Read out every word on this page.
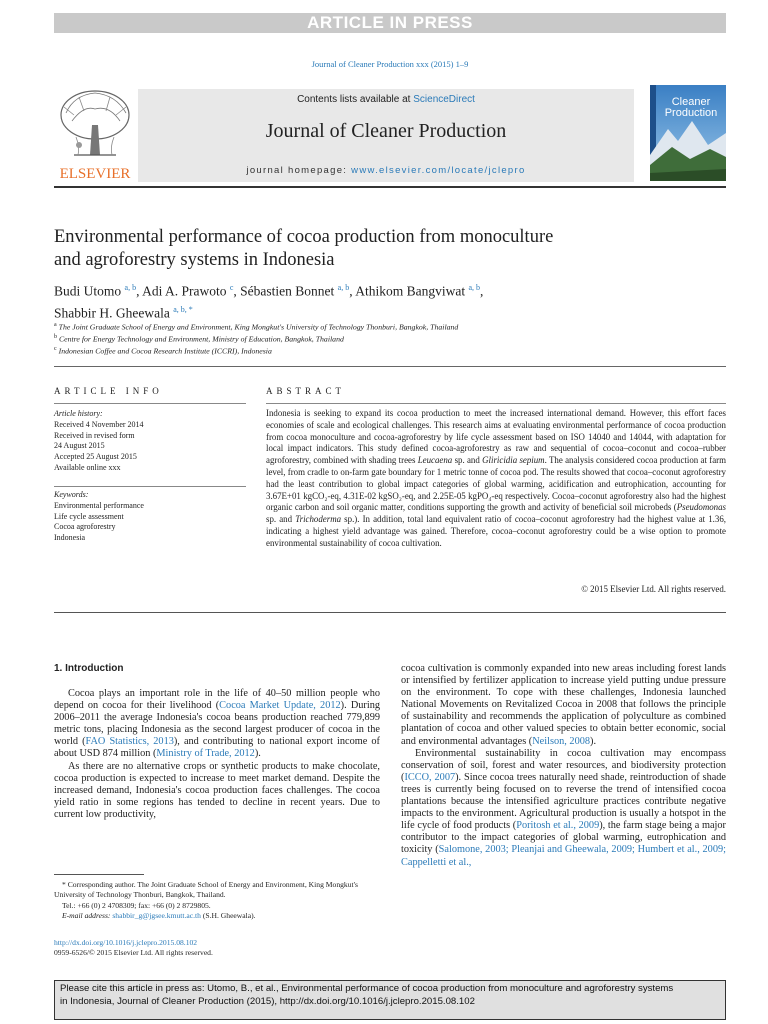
ARTICLE IN PRESS
Journal of Cleaner Production xxx (2015) 1–9
ELSEVIER
Contents lists available at ScienceDirect
Journal of Cleaner Production
journal homepage: www.elsevier.com/locate/jclepro
Cleaner
Production
Environmental performance of cocoa production from monoculture
and agroforestry systems in Indonesia
Budi Utomo $^{a, b}$, Adi A. Prawoto $^c$, Sébastien Bonnet $^{a, b}$, Athikom Bangviwat $^{a, b}$,
Shabbir H. Gheewala $^{a, b, *}$
$^a$ The Joint Graduate School of Energy and Environment, King Mongkut's University of Technology Thonburi, Bangkok, Thailand
$^b$ Centre for Energy Technology and Environment, Ministry of Education, Bangkok, Thailand
$^c$ Indonesian Coffee and Cocoa Research Institute (ICCRI), Indonesia
ARTICLE INFO
Article history:
Received 4 November 2014
Received in revised form
24 August 2015
Accepted 25 August 2015
Available online xxx
Keywords:
Environmental performance
Life cycle assessment
Cocoa agroforestry
Indonesia
ABSTRACT
Indonesia is seeking to expand its cocoa production to meet the increased international demand. However, this effort faces economies of scale and ecological challenges. This research aims at evaluating environmental performance of cocoa production from cocoa monoculture and cocoa-agroforestry by life cycle assessment based on ISO 14040 and 14044, with adaptation for local impact indicators. This study defined cocoa-agroforestry as raw and sequential of cocoa–coconut and cocoa–rubber agroforestry, combined with shading trees Leucaena sp. and Gliricidia sepium. The analysis considered cocoa production at farm level, from cradle to on-farm gate boundary for 1 metric tonne of cocoa pod. The results showed that cocoa–coconut agroforestry had the least contribution to global impact categories of global warming, acidification and eutrophication, accounting for 3.67E+01 kgCO₂-eq, 4.31E-02 kgSO₂-eq, and 2.25E-05 kgPO₄-eq respectively. Cocoa–coconut agroforestry also had the highest organic carbon and soil organic matter, conditions supporting the growth and activity of beneficial soil microbeds (Pseudomonas sp. and Trichoderma sp.). In addition, total land equivalent ratio of cocoa–coconut agroforestry had the highest value at 1.36, indicating a highest yield advantage was gained. Therefore, cocoa–coconut agroforestry could be a wise option to promote environmental sustainability of cocoa cultivation.
© 2015 Elsevier Ltd. All rights reserved.
1. Introduction

Cocoa plays an important role in the life of 40–50 million people who depend on cocoa for their livelihood (Cocoa Market Update, 2012). During 2006–2011 the average Indonesia's cocoa beans production reached 779,899 metric tons, placing Indonesia as the second largest producer of cocoa in the world (FAO Statistics, 2013), and contributing to national export income of about USD 874 million (Ministry of Trade, 2012).

As there are no alternative crops or synthetic products to make chocolate, cocoa production is expected to increase to meet market demand. Despite the increased demand, Indonesia's cocoa production faces challenges. The cocoa yield ratio in some regions has tended to decline in recent years. Due to current low productivity,

cocoa cultivation is commonly expanded into new areas including forest lands or intensified by fertilizer application to increase yield putting undue pressure on the environment. To cope with these challenges, Indonesia launched National Movements on Revitalized Cocoa in 2008 that follows the principle of sustainability and recommends the application of polyculture as combined plantation of cocoa and other valued species to obtain better economic, social and environmental advantages (Neilson, 2008).

Environmental sustainability in cocoa cultivation may encompass conservation of soil, forest and water resources, and biodiversity protection (ICCO, 2007). Since cocoa trees naturally need shade, reintroduction of shade trees is currently being focused on to reverse the trend of intensified cocoa plantations because the intensified agriculture practices contribute negative impacts to the environment. Agricultural production is usually a hotspot in the life cycle of food products (Poritosh et al., 2009), the farm stage being a major contributor to the impact categories of global warming, eutrophication and toxicity (Salomone, 2003; Pleanjai and Gheewala, 2009; Humbert et al., 2009; Cappelletti et al.,

* Corresponding author. The Joint Graduate School of Energy and Environment, King Mongkut's University of Technology Thonburi, Bangkok, Thailand.
Tel.: +66 (0) 2 4708309; fax: +66 (0) 2 8729805.
E-mail address: shabbir_g@jgsee.kmutt.ac.th (S.H. Gheewala).
http://dx.doi.org/10.1016/j.jclepro.2015.08.102
0959-6526/© 2015 Elsevier Ltd. All rights reserved.
Please cite this article in press as: Utomo, B., et al., Environmental performance of cocoa production from monoculture and agroforestry systems
in Indonesia, Journal of Cleaner Production (2015), http://dx.doi.org/10.1016/j.jclepro.2015.08.102
